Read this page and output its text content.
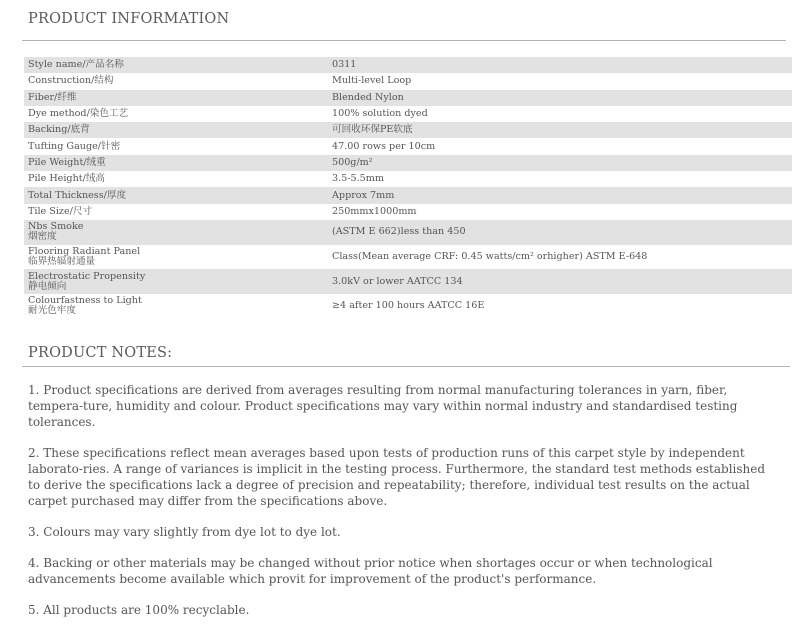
PRODUCT INFORMATION
Style name/产品名称	0311
Construction/结构	Multi-level Loop
Fiber/纤维	Blended Nylon
Dye method/染色工艺	100% solution dyed
Backing/底背	可回收环保PE软底
Tufting Gauge/针密	47.00 rows per 10cm
Pile Weight/绒重	500g/m²
Pile Height/绒高	3.5-5.5mm
Total Thickness/厚度	Approx 7mm
Tile Size/尺寸	250mmx1000mm

Nbs Smoke
烟密度	(ASTM E 662)less than 450

Flooring Radiant Panel
临界热辐射通量	Class(Mean average CRF: 0.45 watts/cm² orhigher) ASTM E-648

Electrostatic Propensity
静电倾向	3.0kV or lower AATCC 134

Colourfastness to Light
耐光色牢度	≥4 after 100 hours AATCC 16E
PRODUCT NOTES:

1. Product specifications are derived from averages resulting from normal manufacturing tolerances in yarn, fiber, tempera-ture, humidity and colour. Product specifications may vary within normal industry and standardised testing tolerances.

2. These specifications reflect mean averages based upon tests of production runs of this carpet style by independent laborato-ries. A range of variances is implicit in the testing process. Furthermore, the standard test methods established to derive the specifications lack a degree of precision and repeatability; therefore, individual test results on the actual carpet purchased may differ from the specifications above.

3. Colours may vary slightly from dye lot to dye lot.

4. Backing or other materials may be changed without prior notice when shortages occur or when technological advancements become available which provit for improvement of the product's performance.

5. All products are 100% recyclable.
